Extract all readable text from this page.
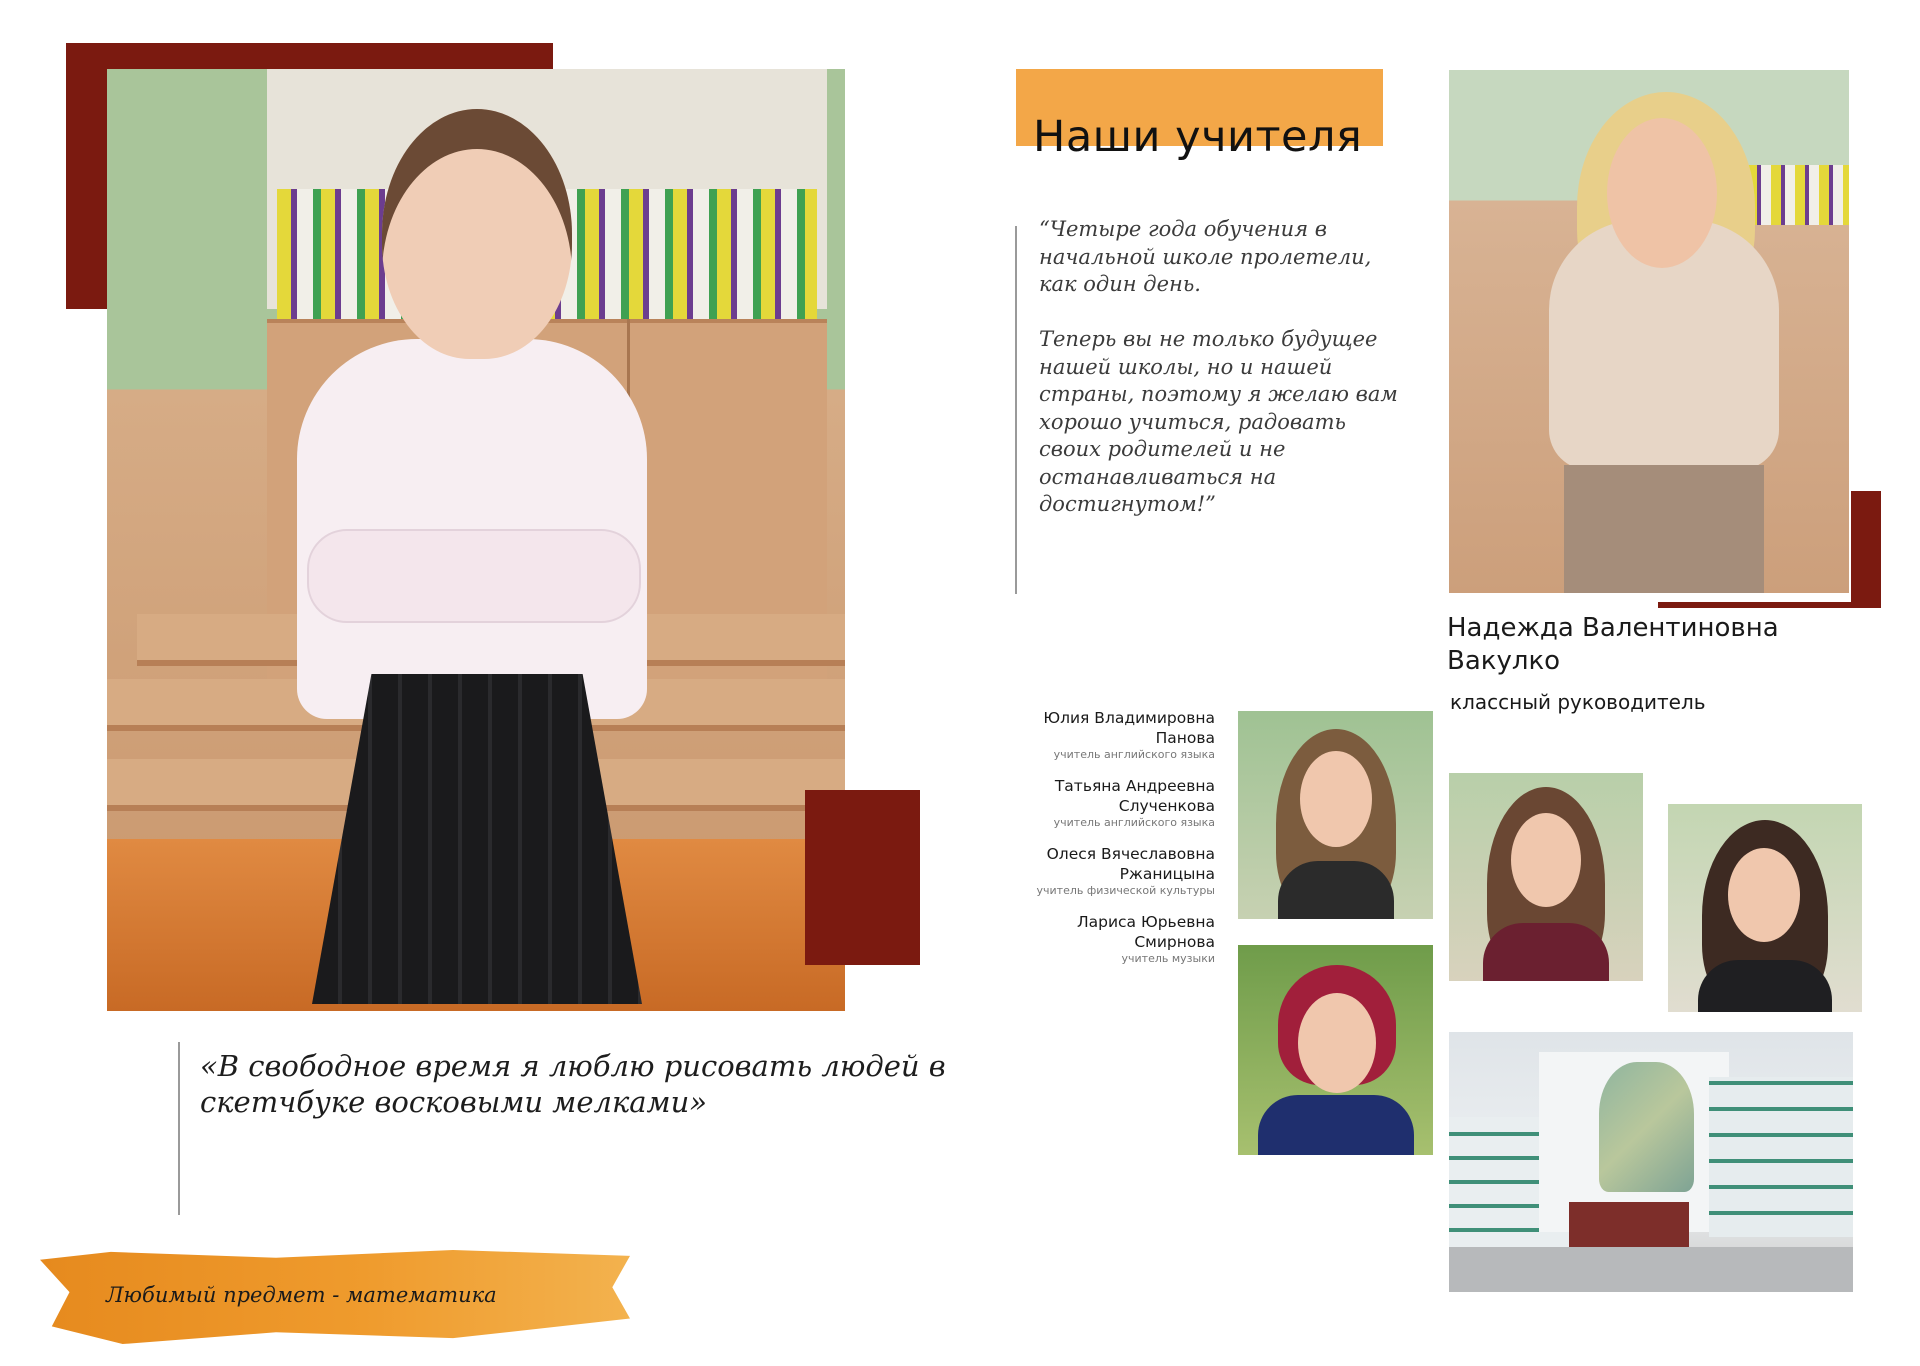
«В свободное время я люблю рисовать людей в скетчбуке восковыми мелками»
Любимый предмет - математика
Наши учителя
“Четыре года обучения в
начальной школе пролетели,
как один день.

Теперь вы не только будущее
нашей школы, но и нашей
страны, поэтому я желаю вам
хорошо учиться, радовать
своих родителей и не
останавливаться на
достигнутом!”
Надежда Валентиновна Вакулко
классный руководитель
Юлия Владимировна
Панова
учитель английского языка
Татьяна Андреевна
Слученкова
учитель английского языка
Олеся Вячеславовна
Ржаницына
учитель физической культуры
Лариса Юрьевна
Смирнова
учитель музыки
